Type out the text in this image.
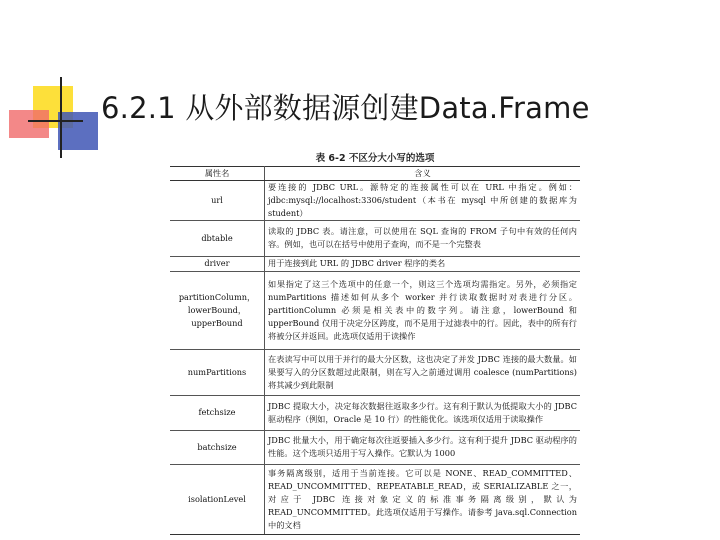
6.2.1 从外部数据源创建Data.Frame
表 6-2 不区分大小写的选项
属性名	含义
url	要连接的 JDBC URL。源特定的连接属性可以在 URL 中指定。例如：jdbc:mysql://localhost:3306/student（本书在 mysql 中所创建的数据库为 student）
dbtable	读取的 JDBC 表。请注意，可以使用在 SQL 查询的 FROM 子句中有效的任何内容。例如，也可以在括号中使用子查询，而不是一个完整表
driver	用于连接到此 URL 的 JDBC driver 程序的类名
partitionColumn，lowerBound，upperBound	如果指定了这三个选项中的任意一个，则这三个选项均需指定。另外，必须指定 numPartitions 描述如何从多个 worker 并行读取数据时对表进行分区。partitionColumn 必须是相关表中的数字列。请注意，lowerBound 和 upperBound 仅用于决定分区跨度，而不是用于过滤表中的行。因此，表中的所有行将被分区并返回。此选项仅适用于读操作
numPartitions	在表读写中可以用于并行的最大分区数，这也决定了并发 JDBC 连接的最大数量。如果要写入的分区数超过此限制，则在写入之前通过调用 coalesce (numPartitions) 将其减少到此限制
fetchsize	JDBC 提取大小，决定每次数据往返取多少行。这有利于默认为低提取大小的 JDBC 驱动程序（例如，Oracle 是 10 行）的性能优化。该选项仅适用于读取操作
batchsize	JDBC 批量大小，用于确定每次往返要插入多少行。这有利于提升 JDBC 驱动程序的性能。这个选项只适用于写入操作。它默认为 1000
isolationLevel	事务隔离级别，适用于当前连接。它可以是 NONE、READ_COMMITTED、READ_UNCOMMITTED、REPEATABLE_READ，或 SERIALIZABLE 之一，对应于 JDBC 连接对象定义的标准事务隔离级别，默认为 READ_UNCOMMITTED。此选项仅适用于写操作。请参考 java.sql.Connection 中的文档
